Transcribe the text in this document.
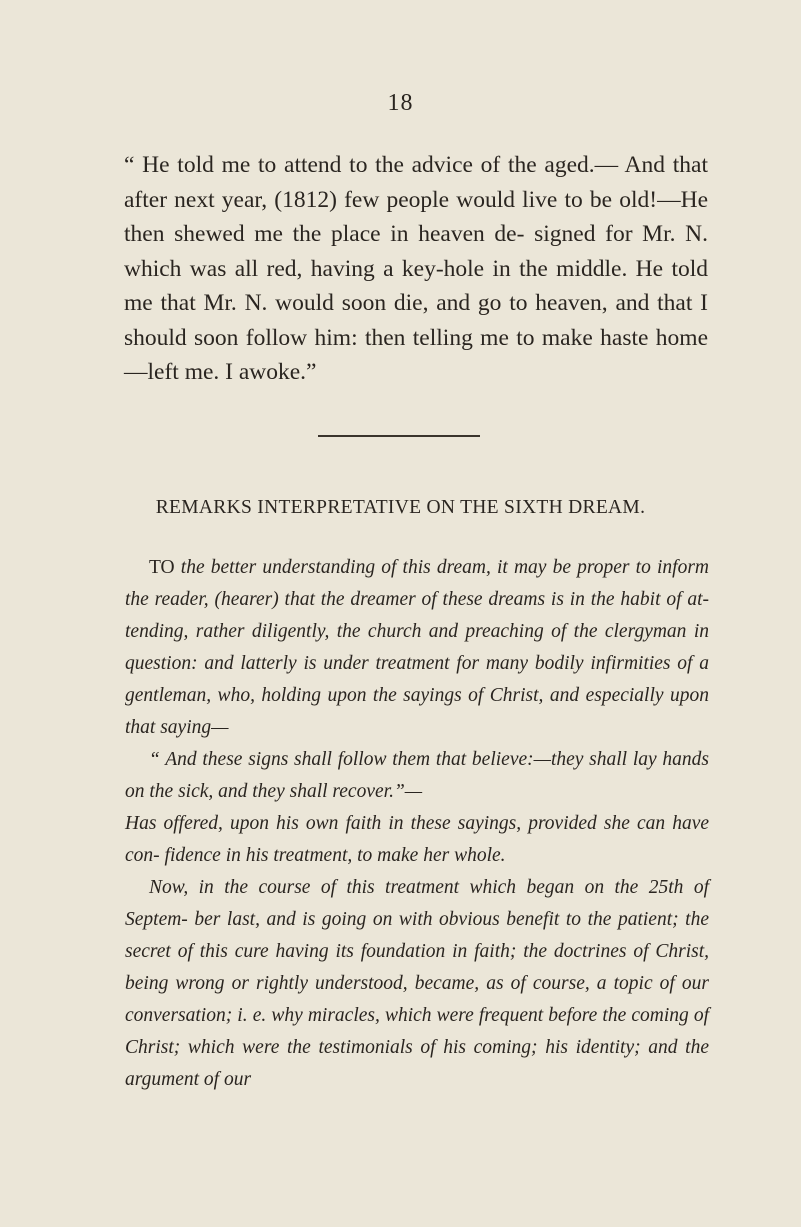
18

“ He told me to attend to the advice of the aged.— And that after next year, (1812) few people would live to be old!—He then shewed me the place in heaven de- signed for Mr. N. which was all red, having a key-hole in the middle. He told me that Mr. N. would soon die, and go to heaven, and that I should soon follow him: then telling me to make haste home—left me. I awoke.”

REMARKS INTERPRETATIVE ON THE SIXTH DREAM.

TO the better understanding of this dream, it may be proper to inform the reader, (hearer) that the dreamer of these dreams is in the habit of at- tending, rather diligently, the church and preaching of the clergyman in question: and latterly is under treatment for many bodily infirmities of a gentleman, who, holding upon the sayings of Christ, and especially upon that saying—

“ And these signs shall follow them that believe:—they shall lay hands on the sick, and they shall recover.”—

Has offered, upon his own faith in these sayings, provided she can have con- fidence in his treatment, to make her whole.

Now, in the course of this treatment which began on the 25th of Septem- ber last, and is going on with obvious benefit to the patient; the secret of this cure having its foundation in faith; the doctrines of Christ, being wrong or rightly understood, became, as of course, a topic of our conversation; i. e. why miracles, which were frequent before the coming of Christ; which were the testimonials of his coming; his identity; and the argument of our
